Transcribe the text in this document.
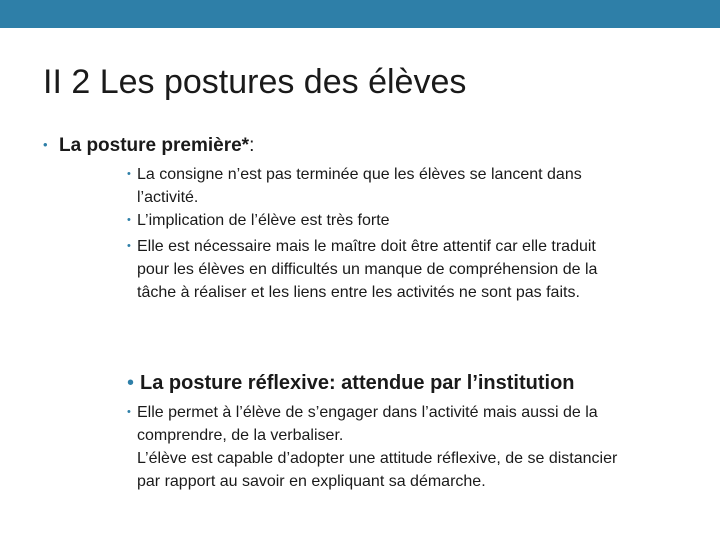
II 2 Les postures des élèves
• La posture première*:
• La consigne n’est pas terminée que les élèves se lancent dans
l’activité.
• L’implication de l’élève est très forte
• Elle est nécessaire mais le maître doit être attentif car elle traduit
pour les élèves en difficultés un manque de compréhension de la
tâche à réaliser et les liens entre les activités ne sont pas faits.
• La posture réflexive: attendue par l’institution
• Elle permet à l’élève de s’engager dans l’activité mais aussi de la
comprendre, de la verbaliser.
L’élève est capable d’adopter une attitude réflexive, de se distancier
par rapport au savoir en expliquant sa démarche.
